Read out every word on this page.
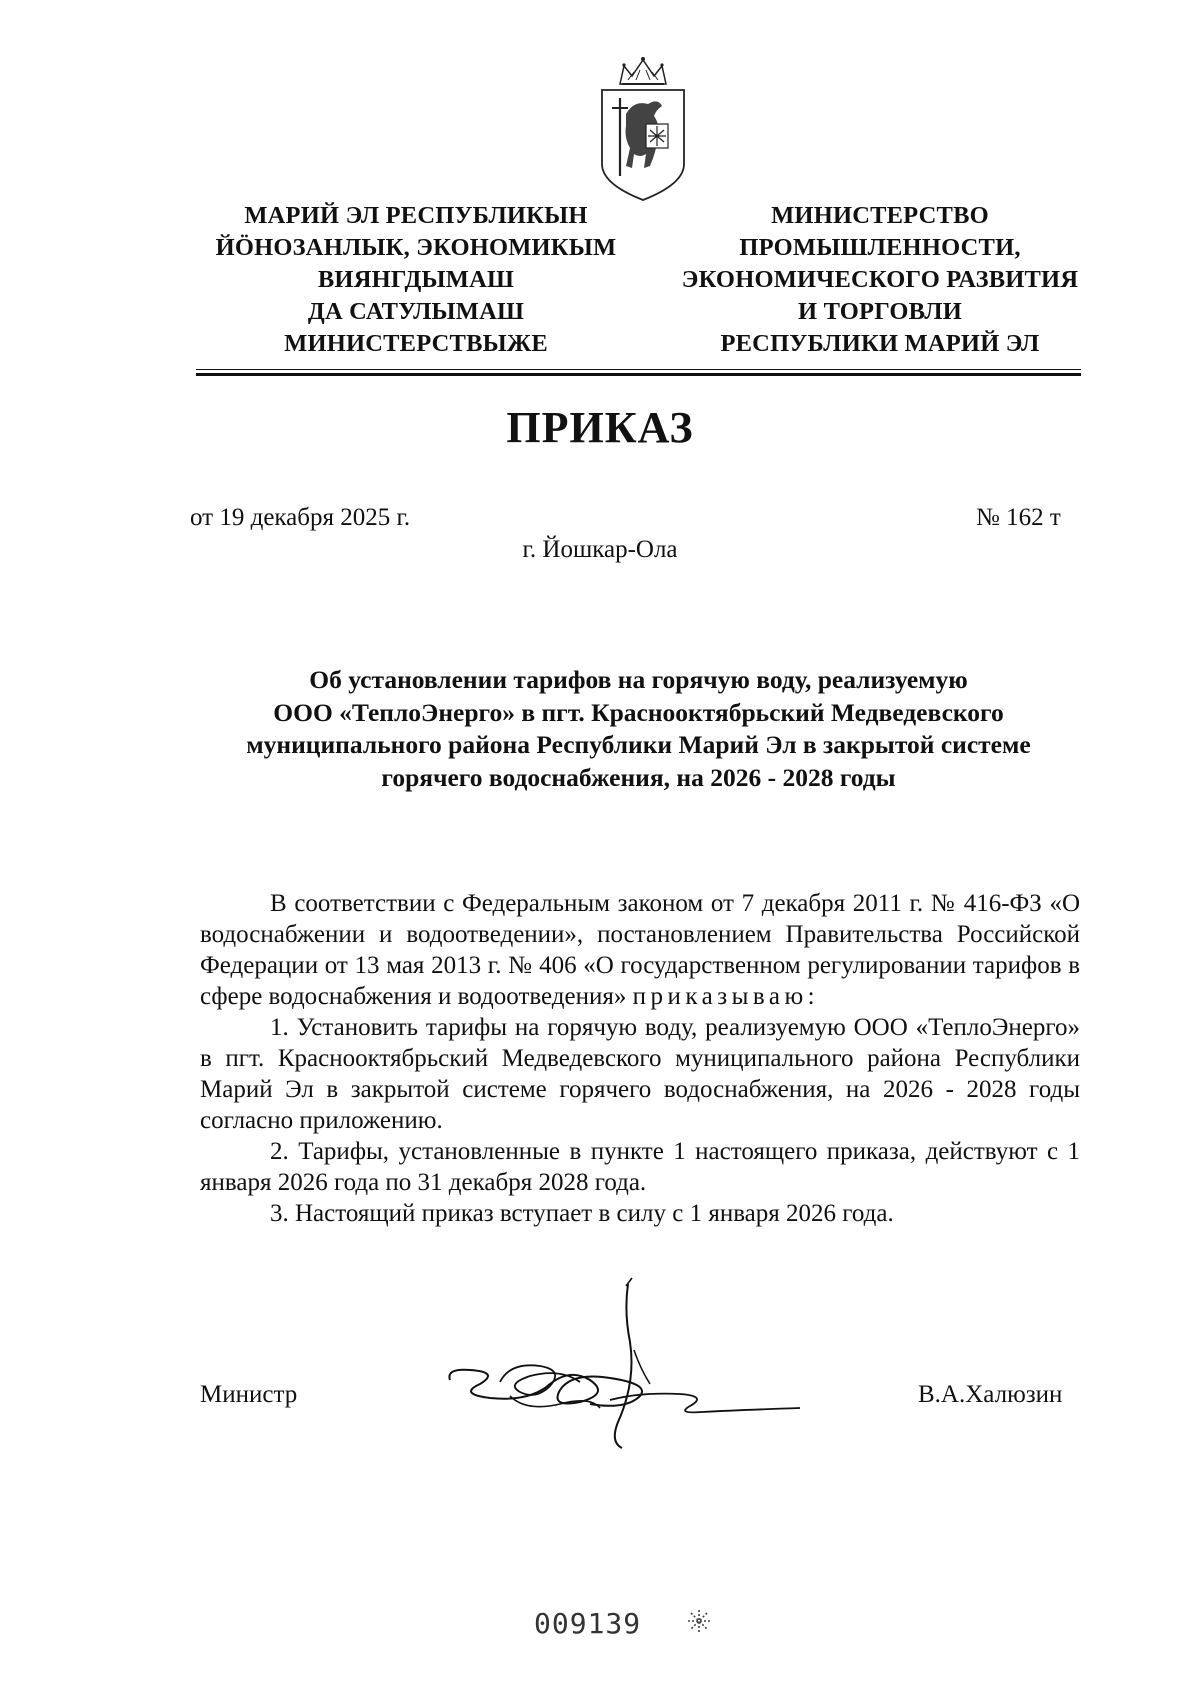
МАРИЙ ЭЛ РЕСПУБЛИКЫН
ЙӦНОЗАНЛЫК, ЭКОНОМИКЫМ
ВИЯНГДЫМАШ
ДА САТУЛЫМАШ
МИНИСТЕРСТВЫЖЕ
МИНИСТЕРСТВО
ПРОМЫШЛЕННОСТИ,
ЭКОНОМИЧЕСКОГО РАЗВИТИЯ
И ТОРГОВЛИ
РЕСПУБЛИКИ МАРИЙ ЭЛ
ПРИКАЗ
от 19 декабря 2025 г.	№ 162 т
г. Йошкар-Ола
Об установлении тарифов на горячую воду, реализуемую
ООО «ТеплоЭнерго» в пгт. Краснооктябрьский Медведевского
муниципального района Республики Марий Эл в закрытой системе
горячего водоснабжения, на 2026 - 2028 годы

В соответствии с Федеральным законом от 7 декабря 2011 г. № 416-ФЗ «О водоснабжении и водоотведении», постановлением Правительства Российской Федерации от 13 мая 2013 г. № 406 «О государственном регулировании тарифов в сфере водоснабжения и водоотведения» приказываю:

1. Установить тарифы на горячую воду, реализуемую ООО «ТеплоЭнерго» в пгт. Краснооктябрьский Медведевского муниципального района Республики Марий Эл в закрытой системе горячего водоснабжения, на 2026 - 2028 годы согласно приложению.

2. Тарифы, установленные в пункте 1 настоящего приказа, действуют с 1 января 2026 года по 31 декабря 2028 года.

3. Настоящий приказ вступает в силу с 1 января 2026 года.

Министр	В.А.Халюзин
009139
